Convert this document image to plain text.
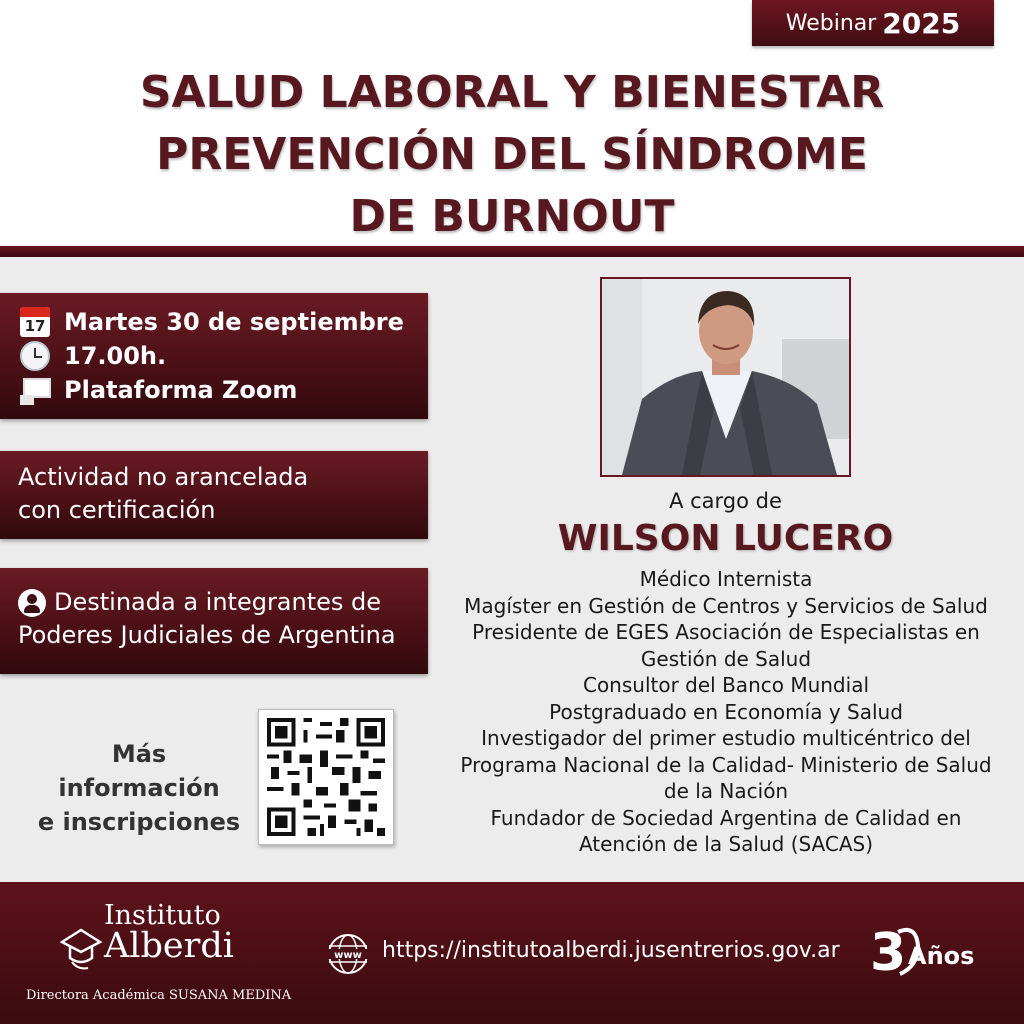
Webinar 2025
SALUD LABORAL Y BIENESTAR
PREVENCIÓN DEL SÍNDROME
DE BURNOUT
17 Martes 30 de septiembre
17.00h.
Plataforma Zoom
Actividad no arancelada
con certificación
Destinada a integrantes de
Poderes Judiciales de Argentina
Más información
e inscripciones
A cargo de
WILSON LUCERO
Médico Internista
Magíster en Gestión de Centros y Servicios de Salud
Presidente de EGES Asociación de Especialistas en
Gestión de Salud
Consultor del Banco Mundial
Postgraduado en Economía y Salud
Investigador del primer estudio multicéntrico del
Programa Nacional de la Calidad- Ministerio de Salud
de la Nación
Fundador de Sociedad Argentina de Calidad en
Atención de la Salud (SACAS)
Instituto
Alberdi
Directora Académica SUSANA MEDINA
www https://institutoalberdi.jusentrerios.gov.ar 3 Años
